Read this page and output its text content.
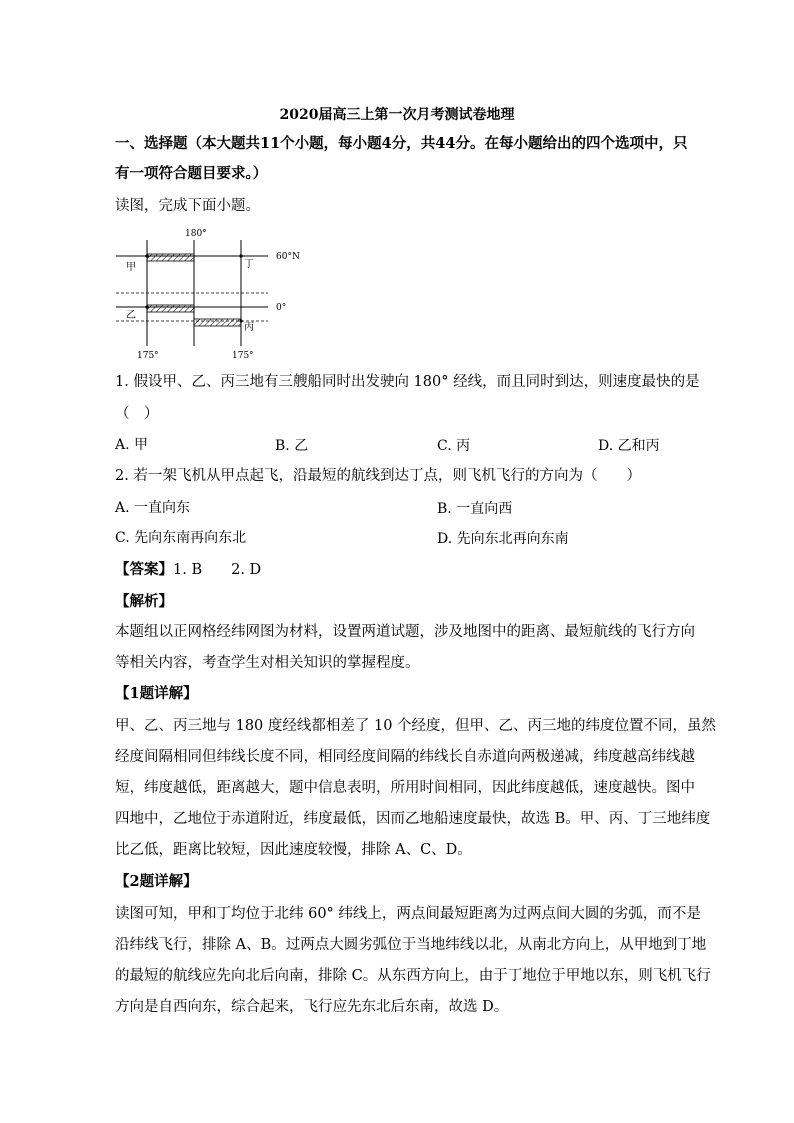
2020届高三上第一次月考测试卷地理
一、选择题（本大题共11个小题，每小题4分，共44分。在每小题给出的四个选项中，只
有一项符合题目要求。）
读图，完成下面小题。
180°
60°N
0°
175°	175°
甲	丁
乙
丙
1. 假设甲、乙、丙三地有三艘船同时出发驶向 180° 经线，而且同时到达，则速度最快的是
（　）
A. 甲	B. 乙	C. 丙	D. 乙和丙
2. 若一架飞机从甲点起飞，沿最短的航线到达丁点，则飞机飞行的方向为（　　）
A. 一直向东	B. 一直向西
C. 先向东南再向东北	D. 先向东北再向东南
【答案】1. B　　2. D
【解析】
本题组以正网格经纬网图为材料，设置两道试题，涉及地图中的距离、最短航线的飞行方向
等相关内容，考查学生对相关知识的掌握程度。
【1题详解】
甲、乙、丙三地与 180 度经线都相差了 10 个经度，但甲、乙、丙三地的纬度位置不同，虽然
经度间隔相同但纬线长度不同，相同经度间隔的纬线长自赤道向两极递减，纬度越高纬线越
短，纬度越低，距离越大，题中信息表明，所用时间相同，因此纬度越低，速度越快。图中
四地中，乙地位于赤道附近，纬度最低，因而乙地船速度最快，故选 B。甲、丙、丁三地纬度
比乙低，距离比较短，因此速度较慢，排除 A、C、D。
【2题详解】
读图可知，甲和丁均位于北纬 60° 纬线上，两点间最短距离为过两点间大圆的劣弧，而不是
沿纬线飞行，排除 A、B。过两点大圆劣弧位于当地纬线以北，从南北方向上，从甲地到丁地
的最短的航线应先向北后向南，排除 C。从东西方向上，由于丁地位于甲地以东，则飞机飞行
方向是自西向东，综合起来，飞行应先东北后东南，故选 D。
